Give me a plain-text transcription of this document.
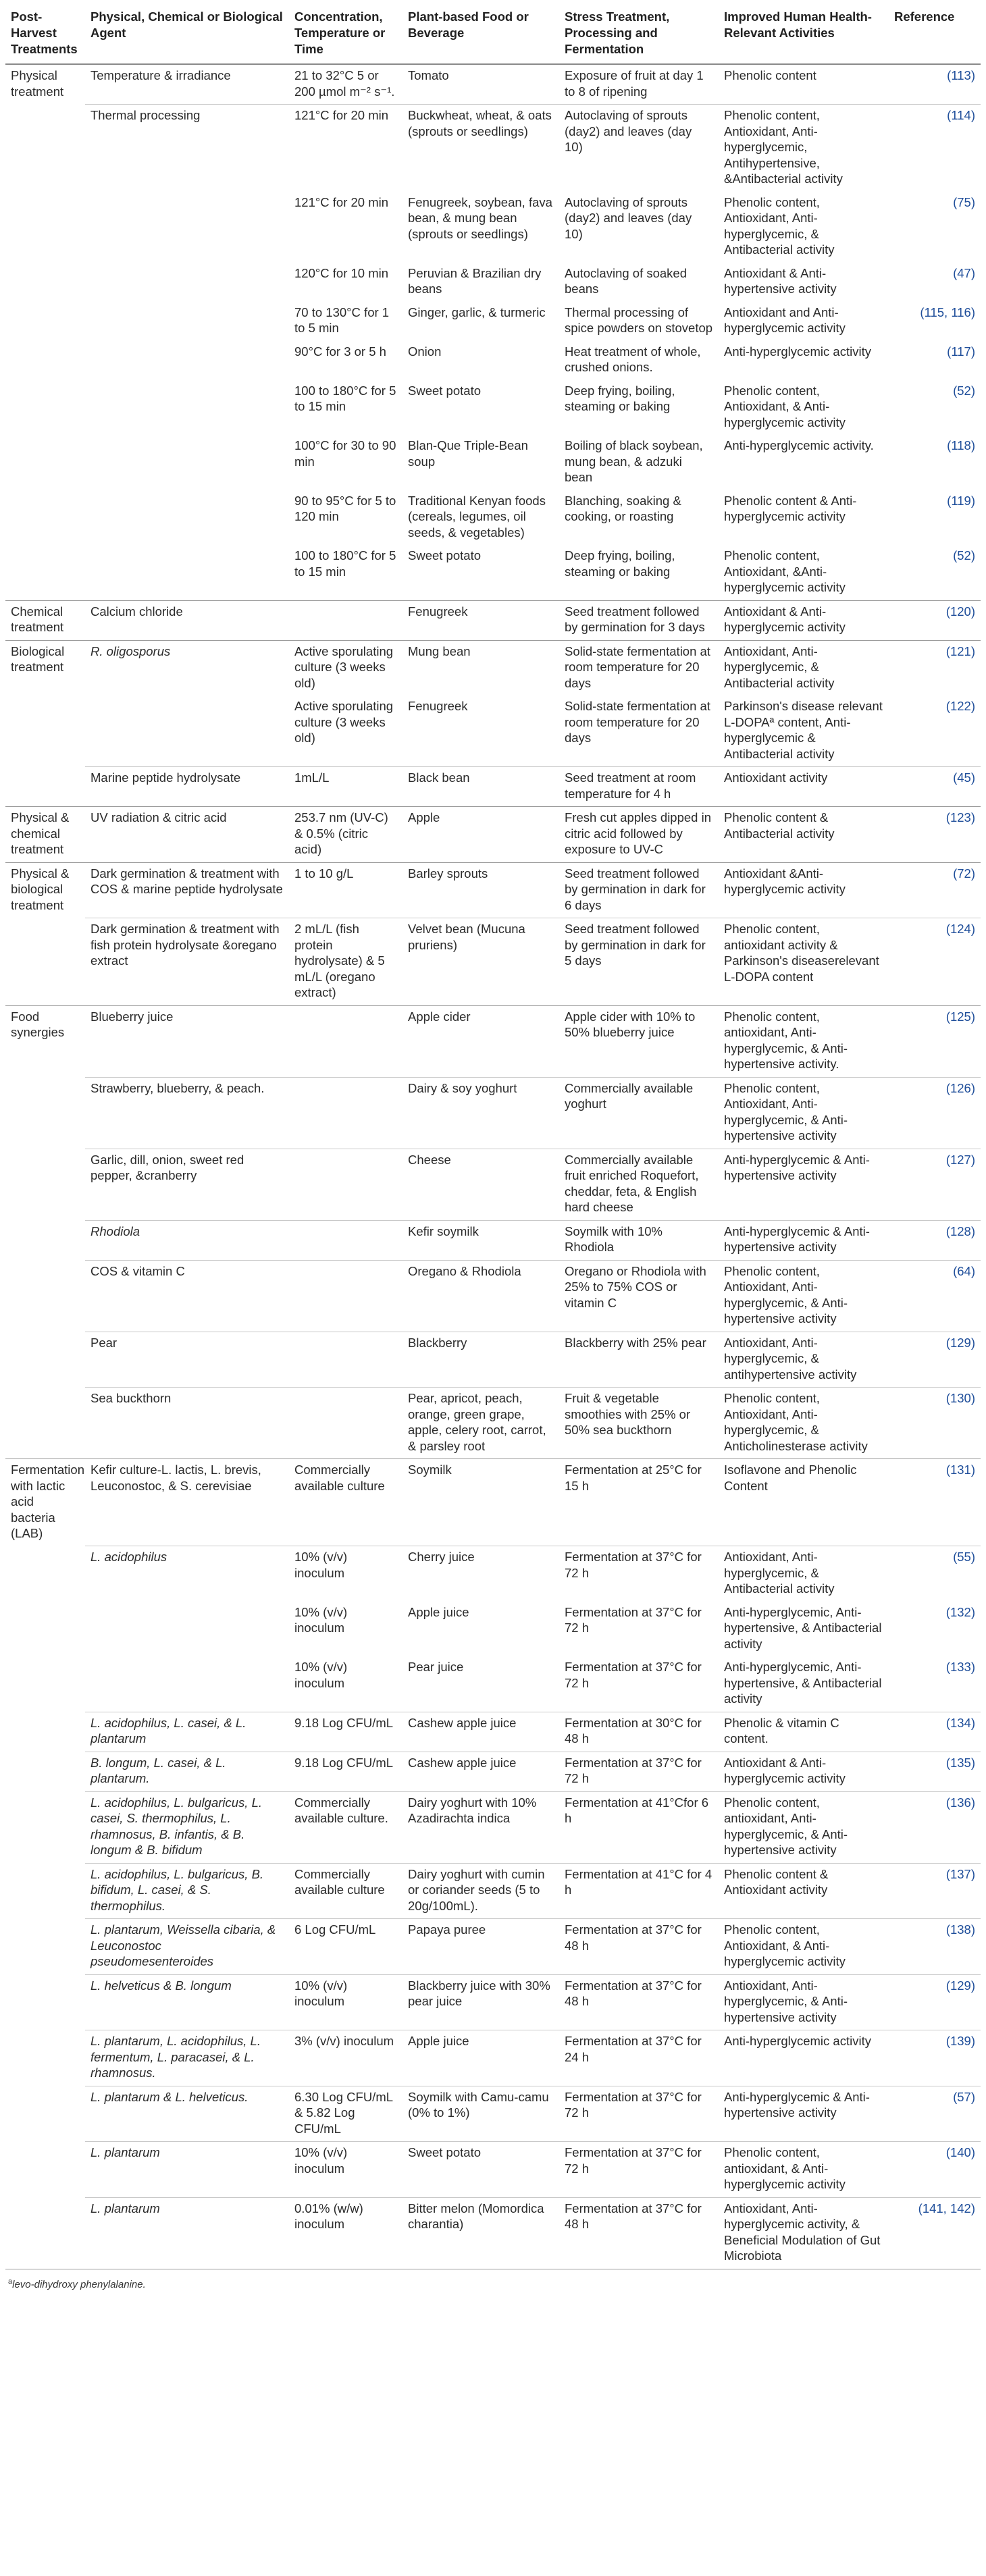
Post-Harvest Treatments	Physical, Chemical or Biological Agent	Concentration, Temperature or Time	Plant-based Food or Beverage	Stress Treatment, Processing and Fermentation	Improved Human Health-Relevant Activities	Reference
Physical treatment	Temperature & irradiance	21 to 32°C 5 or 200 µmol m⁻² s⁻¹.	Tomato	Exposure of fruit at day 1 to 8 of ripening	Phenolic content	(113)
	Thermal processing	121°C for 20 min	Buckwheat, wheat, & oats (sprouts or seedlings)	Autoclaving of sprouts (day2) and leaves (day 10)	Phenolic content, Antioxidant, Anti-hyperglycemic, Antihypertensive, &Antibacterial activity	(114)
		121°C for 20 min	Fenugreek, soybean, fava bean, & mung bean (sprouts or seedlings)	Autoclaving of sprouts (day2) and leaves (day 10)	Phenolic content, Antioxidant, Anti-hyperglycemic, & Antibacterial activity	(75)
		120°C for 10 min	Peruvian & Brazilian dry beans	Autoclaving of soaked beans	Antioxidant & Anti-hypertensive activity	(47)
		70 to 130°C for 1 to 5 min	Ginger, garlic, & turmeric	Thermal processing of spice powders on stovetop	Antioxidant and Anti-hyperglycemic activity	(115, 116)
		90°C for 3 or 5 h	Onion	Heat treatment of whole, crushed onions.	Anti-hyperglycemic activity	(117)
		100 to 180°C for 5 to 15 min	Sweet potato	Deep frying, boiling, steaming or baking	Phenolic content, Antioxidant, & Anti-hyperglycemic activity	(52)
		100°C for 30 to 90 min	Blan-Que Triple-Bean soup	Boiling of black soybean, mung bean, & adzuki bean	Anti-hyperglycemic activity.	(118)
		90 to 95°C for 5 to 120 min	Traditional Kenyan foods (cereals, legumes, oil seeds, & vegetables)	Blanching, soaking & cooking, or roasting	Phenolic content & Anti-hyperglycemic activity	(119)
		100 to 180°C for 5 to 15 min	Sweet potato	Deep frying, boiling, steaming or baking	Phenolic content, Antioxidant, &Anti-hyperglycemic activity	(52)
Chemical treatment	Calcium chloride		Fenugreek	Seed treatment followed by germination for 3 days	Antioxidant & Anti-hyperglycemic activity	(120)
Biological treatment	R. oligosporus	Active sporulating culture (3 weeks old)	Mung bean	Solid-state fermentation at room temperature for 20 days	Antioxidant, Anti-hyperglycemic, & Antibacterial activity	(121)
		Active sporulating culture (3 weeks old)	Fenugreek	Solid-state fermentation at room temperature for 20 days	Parkinson's disease relevant L-DOPAª content, Anti-hyperglycemic & Antibacterial activity	(122)
	Marine peptide hydrolysate	1mL/L	Black bean	Seed treatment at room temperature for 4 h	Antioxidant activity	(45)
Physical & chemical treatment	UV radiation & citric acid	253.7 nm (UV-C) & 0.5% (citric acid)	Apple	Fresh cut apples dipped in citric acid followed by exposure to UV-C	Phenolic content & Antibacterial activity	(123)
Physical & biological treatment	Dark germination & treatment with COS & marine peptide hydrolysate	1 to 10 g/L	Barley sprouts	Seed treatment followed by germination in dark for 6 days	Antioxidant &Anti-hyperglycemic activity	(72)
	Dark germination & treatment with fish protein hydrolysate &oregano extract	2 mL/L (fish protein hydrolysate) & 5 mL/L (oregano extract)	Velvet bean (Mucuna pruriens)	Seed treatment followed by germination in dark for 5 days	Phenolic content, antioxidant activity & Parkinson's diseaserelevant L-DOPA content	(124)
Food synergies	Blueberry juice		Apple cider	Apple cider with 10% to 50% blueberry juice	Phenolic content, antioxidant, Anti-hyperglycemic, & Anti-hypertensive activity.	(125)
	Strawberry, blueberry, & peach.		Dairy & soy yoghurt	Commercially available yoghurt	Phenolic content, Antioxidant, Anti-hyperglycemic, & Anti-hypertensive activity	(126)
	Garlic, dill, onion, sweet red pepper, &cranberry		Cheese	Commercially available fruit enriched Roquefort, cheddar, feta, & English hard cheese	Anti-hyperglycemic & Anti-hypertensive activity	(127)
	Rhodiola		Kefir soymilk	Soymilk with 10% Rhodiola	Anti-hyperglycemic & Anti-hypertensive activity	(128)
	COS & vitamin C		Oregano & Rhodiola	Oregano or Rhodiola with 25% to 75% COS or vitamin C	Phenolic content, Antioxidant, Anti-hyperglycemic, & Anti-hypertensive activity	(64)
	Pear		Blackberry	Blackberry with 25% pear	Antioxidant, Anti-hyperglycemic, & antihypertensive activity	(129)
	Sea buckthorn		Pear, apricot, peach, orange, green grape, apple, celery root, carrot, & parsley root	Fruit & vegetable smoothies with 25% or 50% sea buckthorn	Phenolic content, Antioxidant, Anti-hyperglycemic, & Anticholinesterase activity	(130)
Fermentation with lactic acid bacteria (LAB)	Kefir culture-L. lactis, L. brevis, Leuconostoc, & S. cerevisiae	Commercially available culture	Soymilk	Fermentation at 25°C for 15 h	Isoflavone and Phenolic Content	(131)
	L. acidophilus	10% (v/v) inoculum	Cherry juice	Fermentation at 37°C for 72 h	Antioxidant, Anti-hyperglycemic, & Antibacterial activity	(55)
		10% (v/v) inoculum	Apple juice	Fermentation at 37°C for 72 h	Anti-hyperglycemic, Anti-hypertensive, & Antibacterial activity	(132)
		10% (v/v) inoculum	Pear juice	Fermentation at 37°C for 72 h	Anti-hyperglycemic, Anti-hypertensive, & Antibacterial activity	(133)
	L. acidophilus, L. casei, & L. plantarum	9.18 Log CFU/mL	Cashew apple juice	Fermentation at 30°C for 48 h	Phenolic & vitamin C content.	(134)
	B. longum, L. casei, & L. plantarum.	9.18 Log CFU/mL	Cashew apple juice	Fermentation at 37°C for 72 h	Antioxidant & Anti-hyperglycemic activity	(135)
	L. acidophilus, L. bulgaricus, L. casei, S. thermophilus, L. rhamnosus, B. infantis, & B. longum & B. bifidum	Commercially available culture.	Dairy yoghurt with 10% Azadirachta indica	Fermentation at 41°Cfor 6 h	Phenolic content, antioxidant, Anti-hyperglycemic, & Anti-hypertensive activity	(136)
	L. acidophilus, L. bulgaricus, B. bifidum, L. casei, & S. thermophilus.	Commercially available culture	Dairy yoghurt with cumin or coriander seeds (5 to 20g/100mL).	Fermentation at 41°C for 4 h	Phenolic content & Antioxidant activity	(137)
	L. plantarum, Weissella cibaria, & Leuconostoc pseudomesenteroides	6 Log CFU/mL	Papaya puree	Fermentation at 37°C for 48 h	Phenolic content, Antioxidant, & Anti-hyperglycemic activity	(138)
	L. helveticus & B. longum	10% (v/v) inoculum	Blackberry juice with 30% pear juice	Fermentation at 37°C for 48 h	Antioxidant, Anti-hyperglycemic, & Anti-hypertensive activity	(129)
	L. plantarum, L. acidophilus, L. fermentum, L. paracasei, & L. rhamnosus.	3% (v/v) inoculum	Apple juice	Fermentation at 37°C for 24 h	Anti-hyperglycemic activity	(139)
	L. plantarum & L. helveticus.	6.30 Log CFU/mL & 5.82 Log CFU/mL	Soymilk with Camu-camu (0% to 1%)	Fermentation at 37°C for 72 h	Anti-hyperglycemic & Anti-hypertensive activity	(57)
	L. plantarum	10% (v/v) inoculum	Sweet potato	Fermentation at 37°C for 72 h	Phenolic content, antioxidant, & Anti-hyperglycemic activity	(140)
	L. plantarum	0.01% (w/w) inoculum	Bitter melon (Momordica charantia)	Fermentation at 37°C for 48 h	Antioxidant, Anti-hyperglycemic activity, & Beneficial Modulation of Gut Microbiota	(141, 142)
$^a$levo-dihydroxy phenylalanine.
